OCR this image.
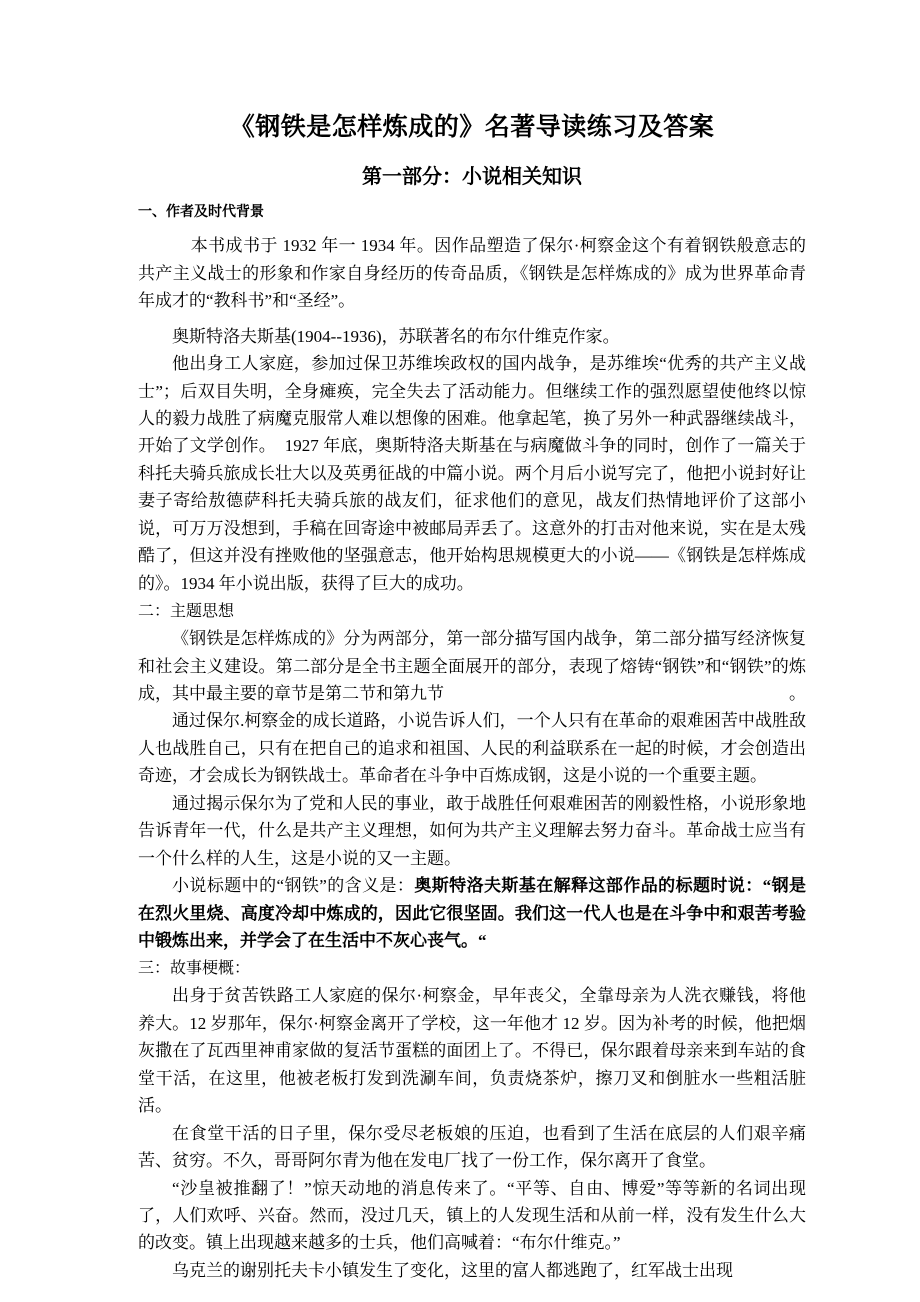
《钢铁是怎样炼成的》名著导读练习及答案
第一部分：小说相关知识
一、作者及时代背景

本书成书于 1932 年一 1934 年。因作品塑造了保尔·柯察金这个有着钢铁般意志的共产主义战士的形象和作家自身经历的传奇品质，《钢铁是怎样炼成的》成为世界革命青年成才的“教科书”和“圣经”。

奥斯特洛夫斯基(1904--1936)，苏联著名的布尔什维克作家。

他出身工人家庭，参加过保卫苏维埃政权的国内战争，是苏维埃“优秀的共产主义战士”；后双目失明，全身瘫痪，完全失去了活动能力。但继续工作的强烈愿望使他终以惊人的毅力战胜了病魔克服常人难以想像的困难。他拿起笔，换了另外一种武器继续战斗，开始了文学创作。　1927 年底，奥斯特洛夫斯基在与病魔做斗争的同时，创作了一篇关于科托夫骑兵旅成长壮大以及英勇征战的中篇小说。两个月后小说写完了，他把小说封好让妻子寄给敖德萨科托夫骑兵旅的战友们，征求他们的意见，战友们热情地评价了这部小说，可万万没想到，手稿在回寄途中被邮局弄丢了。这意外的打击对他来说，实在是太残酷了，但这并没有挫败他的坚强意志，他开始构思规模更大的小说——《钢铁是怎样炼成的》。1934 年小说出版，获得了巨大的成功。

二：主题思想

《钢铁是怎样炼成的》分为两部分，第一部分描写国内战争，第二部分描写经济恢复和社会主义建设。第二部分是全书主题全面展开的部分，表现了熔铸“钢铁”和“钢铁”的炼成，其中最主要的章节是第二节和第九节	。

通过保尔.柯察金的成长道路，小说告诉人们，一个人只有在革命的艰难困苦中战胜敌人也战胜自己，只有在把自己的追求和祖国、人民的利益联系在一起的时候，才会创造出奇迹，才会成长为钢铁战士。革命者在斗争中百炼成钢，这是小说的一个重要主题。

通过揭示保尔为了党和人民的事业，敢于战胜任何艰难困苦的刚毅性格，小说形象地告诉青年一代，什么是共产主义理想，如何为共产主义理解去努力奋斗。革命战士应当有一个什么样的人生，这是小说的又一主题。

小说标题中的“钢铁”的含义是：奥斯特洛夫斯基在解释这部作品的标题时说：“钢是在烈火里烧、高度冷却中炼成的，因此它很坚固。我们这一代人也是在斗争中和艰苦考验中锻炼出来，并学会了在生活中不灰心丧气。“

三：故事梗概：

出身于贫苦铁路工人家庭的保尔·柯察金，早年丧父，全靠母亲为人洗衣赚钱，将他养大。12 岁那年，保尔·柯察金离开了学校，这一年他才 12 岁。因为补考的时候，他把烟灰撒在了瓦西里神甫家做的复活节蛋糕的面团上了。不得已，保尔跟着母亲来到车站的食堂干活，在这里，他被老板打发到洗涮车间，负责烧茶炉，擦刀叉和倒脏水一些粗活脏活。

在食堂干活的日子里，保尔受尽老板娘的压迫，也看到了生活在底层的人们艰辛痛苦、贫穷。不久，哥哥阿尔青为他在发电厂找了一份工作，保尔离开了食堂。

“沙皇被推翻了！”惊天动地的消息传来了。“平等、自由、博爱”等等新的名词出现了，人们欢呼、兴奋。然而，没过几天，镇上的人发现生活和从前一样，没有发生什么大的改变。镇上出现越来越多的士兵，他们高喊着：“布尔什维克。”

乌克兰的谢别托夫卡小镇发生了变化，这里的富人都逃跑了，红军战士出现
